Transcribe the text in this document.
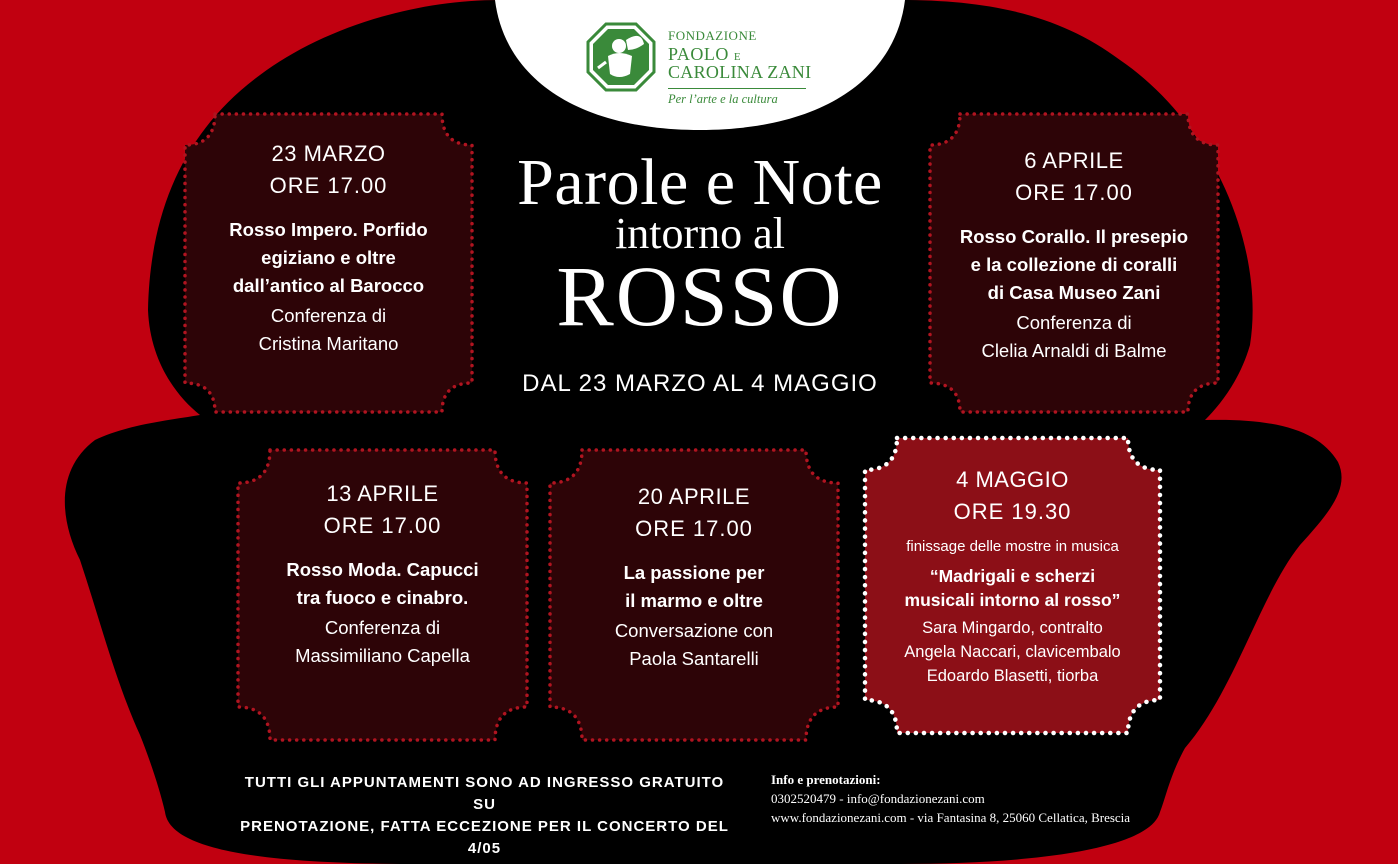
FONDAZIONE
PAOLO E
CAROLINA ZANI
Per l’arte e la cultura
Parole e Note
intorno al
ROSSO
DAL 23 MARZO AL 4 MAGGIO
23 MARZO
ORE 17.00
Rosso Impero. Porfido
egiziano e oltre
dall’antico al Barocco
Conferenza di
Cristina Maritano
6 APRILE
ORE 17.00
Rosso Corallo. Il presepio
e la collezione di coralli
di Casa Museo Zani
Conferenza di
Clelia Arnaldi di Balme
13 APRILE
ORE 17.00
Rosso Moda. Capucci
tra fuoco e cinabro.
Conferenza di
Massimiliano Capella
20 APRILE
ORE 17.00
La passione per
il marmo e oltre
Conversazione con
Paola Santarelli
4 MAGGIO
ORE 19.30
finissage delle mostre in musica
“Madrigali e scherzi
musicali intorno al rosso”
Sara Mingardo, contralto
Angela Naccari, clavicembalo
Edoardo Blasetti, tiorba
TUTTI GLI APPUNTAMENTI SONO AD INGRESSO GRATUITO SU
PRENOTAZIONE, FATTA ECCEZIONE PER IL CONCERTO DEL 4/05
Info e prenotazioni:
0302520479 - info@fondazionezani.com
www.fondazionezani.com - via Fantasina 8, 25060 Cellatica, Brescia
